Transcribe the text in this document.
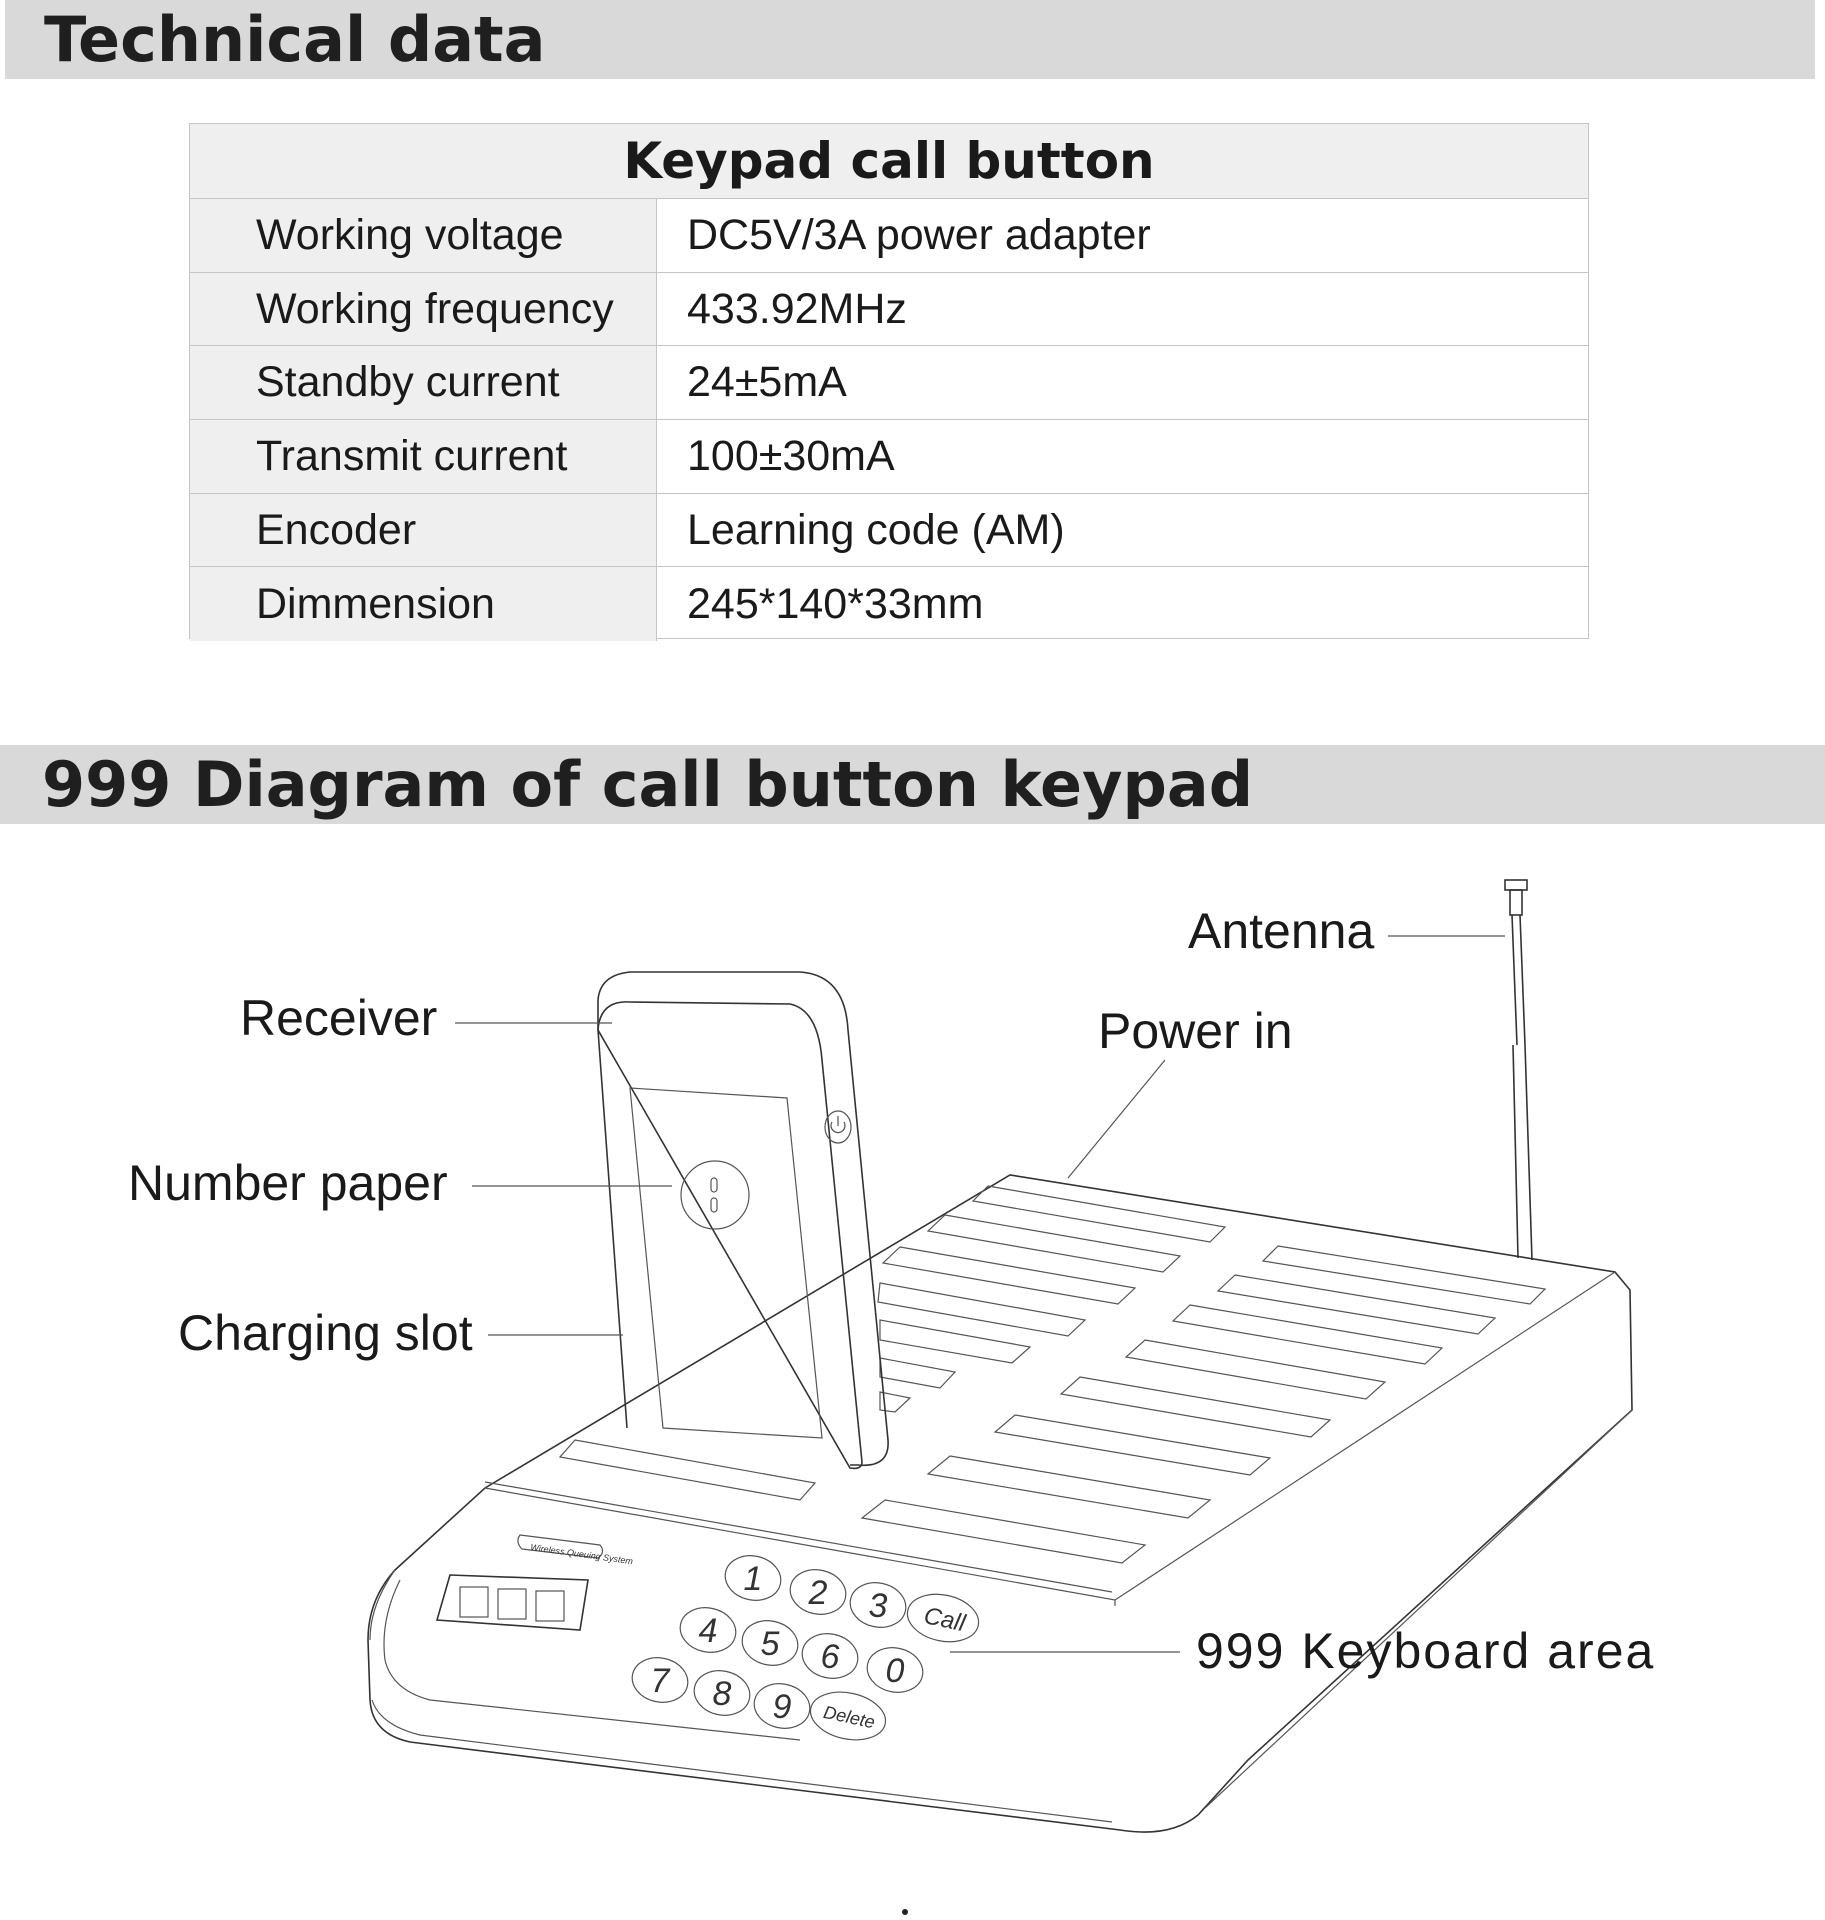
Technical data
Keypad call button
Working voltage	DC5V/3A power adapter
Working frequency	433.92MHz
Standby current	24±5mA
Transmit current	100±30mA
Encoder	Learning code (AM)
Dimmension	245*140*33mm
999 Diagram of call button keypad
Wireless Queuing System
1 2 3 Call
4 5 6 0
7 8 9 Delete
Antenna
Receiver	Power in
Number paper
Charging slot
999 Keyboard area
